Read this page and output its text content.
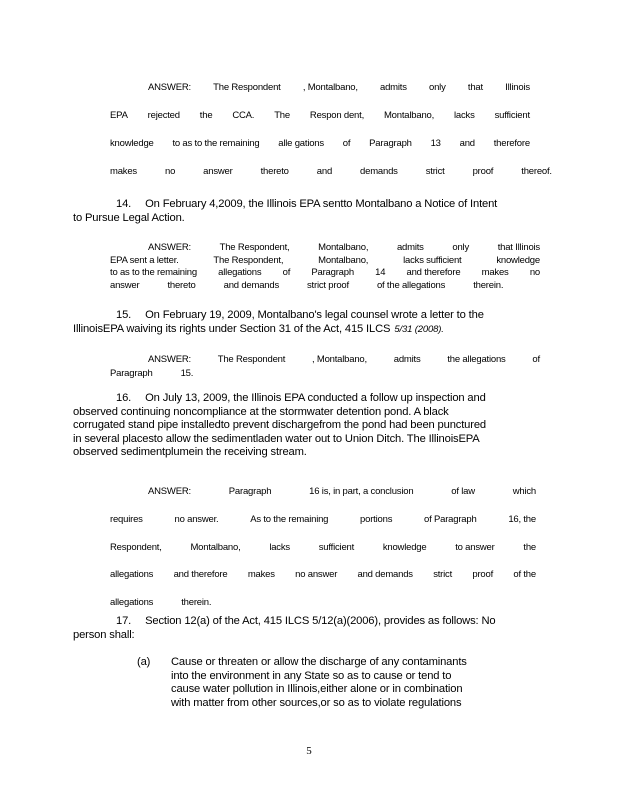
ANSWER: The Respondent , Montalbano, admits only that Illinois
EPA rejected the CCA. The Respon dent, Montalbano, lacks sufficient
knowledge to as to the remaining alle gations of Paragraph 13 and therefore
makes	no	answer	thereto	and	demands	strict	proof	thereof.
14. On February 4,2009, the Illinois EPA sentto Montalbano a Notice of Intent
to Pursue Legal Action.
ANSWER:	The Respondent,	Montalbano,	admits	only	that Illinois
EPA sent a letter.	The Respondent,	Montalbano,	lacks sufficient	knowledge
to as to the remaining allegations of Paragraph 14 and therefore makes no
answer	thereto	and demands	strict proof	of the allegations	therein.
15. On February 19, 2009, Montalbano's legal counsel wrote a letter to the
IllinoisEPA waiving its rights under Section 31 of the Act, 415 ILCS 5/31 (2008).
ANSWER:	The Respondent	, Montalbano,	admits	the allegations	of
Paragraph	15.
16. On July 13, 2009, the Illinois EPA conducted a follow up inspection and
observed continuing noncompliance at the stormwater detention pond. A black
corrugated stand pipe installedto prevent dischargefrom the pond had been punctured
in several placesto allow the sedimentladen water out to Union Ditch. The IllinoisEPA
observed sedimentplumein the receiving stream.
ANSWER:	Paragraph	16 is, in part, a conclusion	of law	which
requires	no answer.	As to the remaining	portions	of Paragraph	16, the
Respondent,	Montalbano,	lacks	sufficient	knowledge	to answer	the
allegations and therefore makes no answer and demands strict proof of the
allegations	therein.
17. Section 12(a) of the Act, 415 ILCS 5/12(a)(2006), provides as follows: No
person shall:
(a) Cause or threaten or allow the discharge of any contaminants
into the environment in any State so as to cause or tend to
cause water pollution in Illinois,either alone or in combination
with matter from other sources,or so as to violate regulations
5
